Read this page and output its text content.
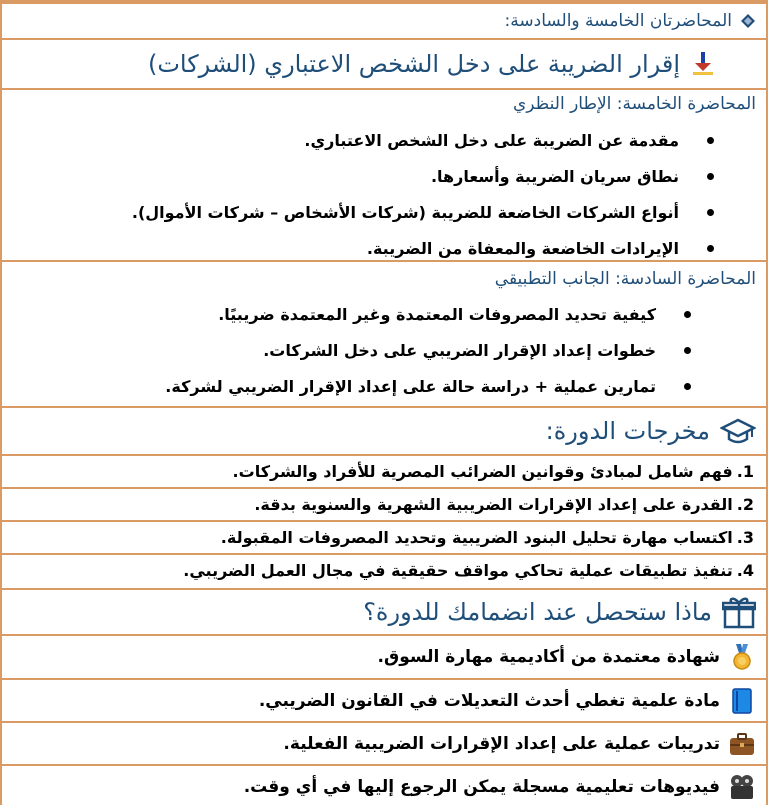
المحاضرتان الخامسة والسادسة:
إقرار الضريبة على دخل الشخص الاعتباري (الشركات)
المحاضرة الخامسة: الإطار النظري
مقدمة عن الضريبة على دخل الشخص الاعتباري.
نطاق سريان الضريبة وأسعارها.
أنواع الشركات الخاضعة للضريبة (شركات الأشخاص – شركات الأموال).
الإيرادات الخاضعة والمعفاة من الضريبة.
المحاضرة السادسة: الجانب التطبيقي
كيفية تحديد المصروفات المعتمدة وغير المعتمدة ضريبيًا.
خطوات إعداد الإقرار الضريبي على دخل الشركات.
تمارين عملية + دراسة حالة على إعداد الإقرار الضريبي لشركة.
مخرجات الدورة:
1.
فهم شامل لمبادئ وقوانين الضرائب المصرية للأفراد والشركات.
2.
القدرة على إعداد الإقرارات الضريبية الشهرية والسنوية بدقة.
3.
اكتساب مهارة تحليل البنود الضريبية وتحديد المصروفات المقبولة.
4.
تنفيذ تطبيقات عملية تحاكي مواقف حقيقية في مجال العمل الضريبي.
ماذا ستحصل عند انضمامك للدورة؟
شهادة معتمدة من أكاديمية مهارة السوق.
مادة علمية تغطي أحدث التعديلات في القانون الضريبي.
تدريبات عملية على إعداد الإقرارات الضريبية الفعلية.
فيديوهات تعليمية مسجلة يمكن الرجوع إليها في أي وقت.
